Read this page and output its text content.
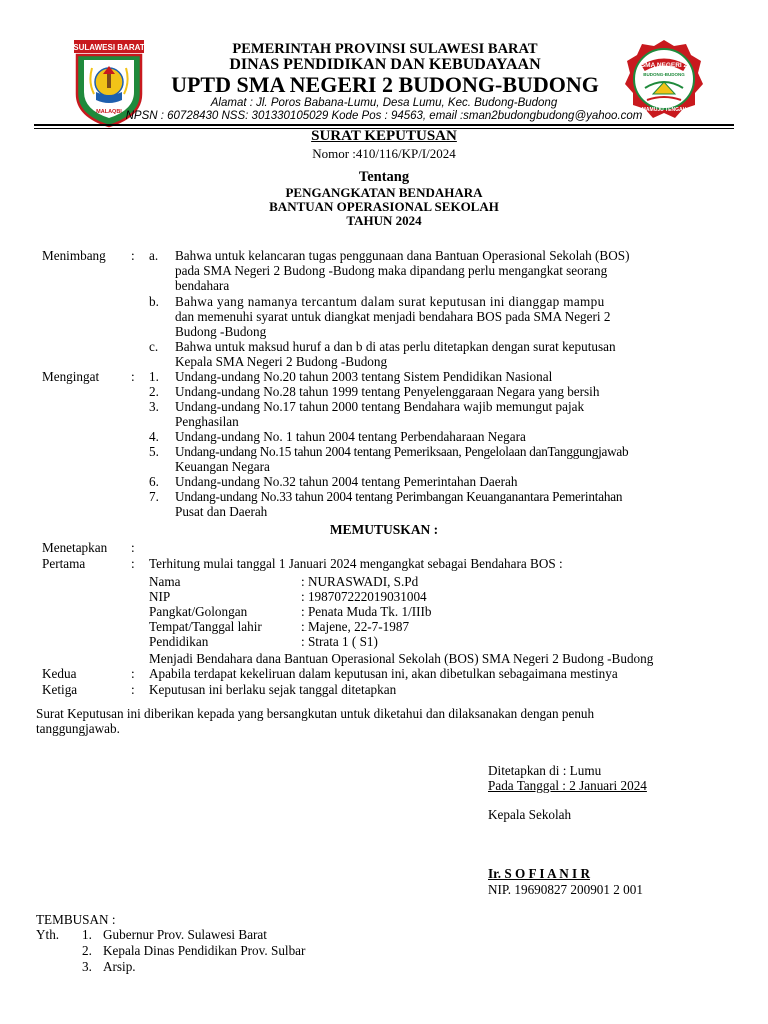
SULAWESI BARAT
MALAQBI
PEMERINTAH PROVINSI SULAWESI BARAT
DINAS PENDIDIKAN DAN KEBUDAYAAN
UPTD SMA NEGERI 2 BUDONG-BUDONG
Alamat : Jl. Poros Babana-Lumu, Desa Lumu, Kec. Budong-Budong
NPSN : 60728430 NSS: 301330105029 Kode Pos : 94563, email :sman2budongbudong@yahoo.com
SMA NEGERI 2
BUDONG-BUDONG
MAMUJU TENGAH
SURAT KEPUTUSAN
Nomor :410/116/KP/I/2024
Tentang
PENGANGKATAN BENDAHARA
BANTUAN OPERASIONAL SEKOLAH
TAHUN 2024
Menimbang : a. Bahwa untuk kelancaran tugas penggunaan dana Bantuan Operasional Sekolah (BOS)
pada SMA Negeri 2 Budong -Budong maka dipandang perlu mengangkat seorang
bendahara
b. Bahwa yang namanya tercantum dalam surat keputusan ini dianggap mampu
dan memenuhi syarat untuk diangkat menjadi bendahara BOS pada SMA Negeri 2
Budong -Budong
c. Bahwa untuk maksud huruf a dan b di atas perlu ditetapkan dengan surat keputusan
Kepala SMA Negeri 2 Budong -Budong
Mengingat : 1. Undang-undang No.20 tahun 2003 tentang Sistem Pendidikan Nasional
2. Undang-undang No.28 tahun 1999 tentang Penyelenggaraan Negara yang bersih
3. Undang-undang No.17 tahun 2000 tentang Bendahara wajib memungut pajak
Penghasilan
4. Undang-undang No. 1 tahun 2004 tentang Perbendaharaan Negara
5. Undang-undang No.15 tahun 2004 tentang Pemeriksaan, Pengelolaan danTanggungjawab
Keuangan Negara
6. Undang-undang No.32 tahun 2004 tentang Pemerintahan Daerah
7. Undang-undang No.33 tahun 2004 tentang Perimbangan Keuanganantara Pemerintahan
Pusat dan Daerah
MEMUTUSKAN :
Menetapkan :
Pertama	: Terhitung mulai tanggal 1 Januari 2024 mengangkat sebagai Bendahara BOS :
Nama	: NURASWADI, S.Pd
NIP	: 198707222019031004
Pangkat/Golongan	: Penata Muda Tk. 1/IIIb
Tempat/Tanggal lahir	: Majene, 22-7-1987
Pendidikan	: Strata 1 ( S1)
Menjadi Bendahara dana Bantuan Operasional Sekolah (BOS) SMA Negeri 2 Budong -Budong
Kedua	: Apabila terdapat kekeliruan dalam keputusan ini, akan dibetulkan sebagaimana mestinya
Ketiga	: Keputusan ini berlaku sejak tanggal ditetapkan
Surat Keputusan ini diberikan kepada yang bersangkutan untuk diketahui dan dilaksanakan dengan penuh
tanggungjawab.
Ditetapkan di : Lumu
Pada Tanggal : 2 Januari 2024
Kepala Sekolah
Ir. S O F I A N I R
NIP. 19690827 200901 2 001
TEMBUSAN :
Yth. 1. Gubernur Prov. Sulawesi Barat
2. Kepala Dinas Pendidikan Prov. Sulbar
3. Arsip.
